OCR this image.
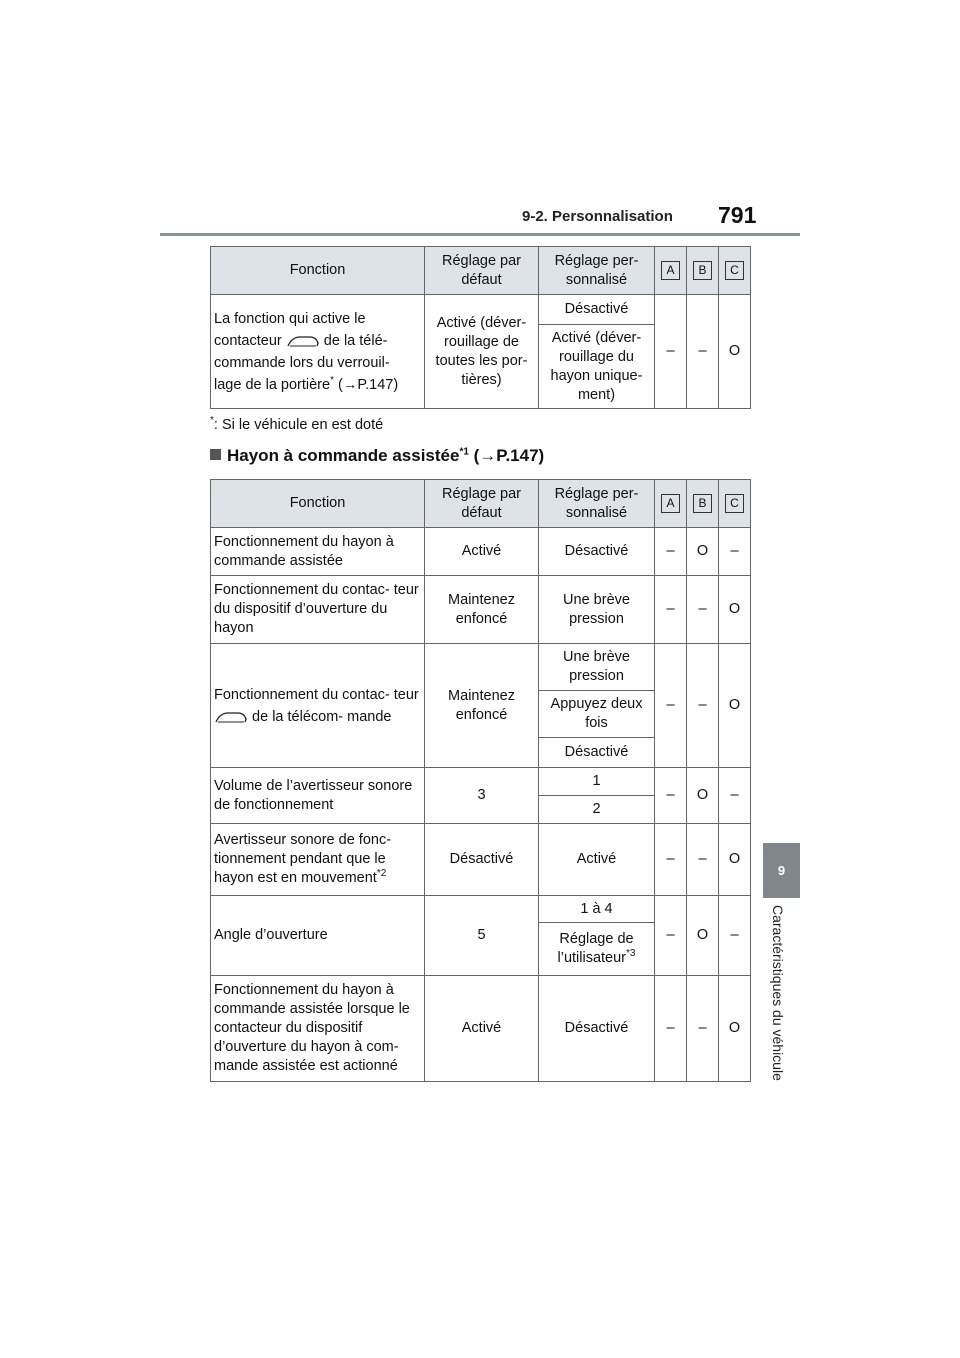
9-2. Personnalisation 791
9
Caractéristiques du véhicule
Fonction	Réglage par défaut	Réglage per- sonnalisé	A	B	C
La fonction qui active le contacteur de la télé- commande lors du verrouil- lage de la portière* (→P.147)	Activé (déver- rouillage de toutes les por- tières)	Désactivé	–	–	O
		Activé (déver- rouillage du hayon unique- ment)			
*: Si le véhicule en est doté
Hayon à commande assistée$^{*1}$ (→P.147)
Fonction	Réglage par défaut	Réglage per- sonnalisé	A	B	C
Fonctionnement du hayon à commande assistée	Activé	Désactivé	–	O	–
Fonctionnement du contac- teur du dispositif d’ouverture du hayon	Maintenez enfoncé	Une brève pression	–	–	O
Fonctionnement du contac- teur  de la télécom- mande	Maintenez enfoncé	Une brève pression	–	–	O
		Appuyez deux fois			
		Désactivé			
Volume de l’avertisseur sonore de fonctionnement	3	1	–	O	–
		2			
Avertisseur sonore de fonc- tionnement pendant que le hayon est en mouvement$^{*2}$	Désactivé	Activé	–	–	O
Angle d’ouverture	5	1 à 4	–	O	–
		Réglage de l’utilisateur$^{*3}$
Fonctionnement du hayon à commande assistée lorsque le contacteur du dispositif d’ouverture du hayon à com- mande assistée est actionné	Activé	Désactivé	–	–	O
